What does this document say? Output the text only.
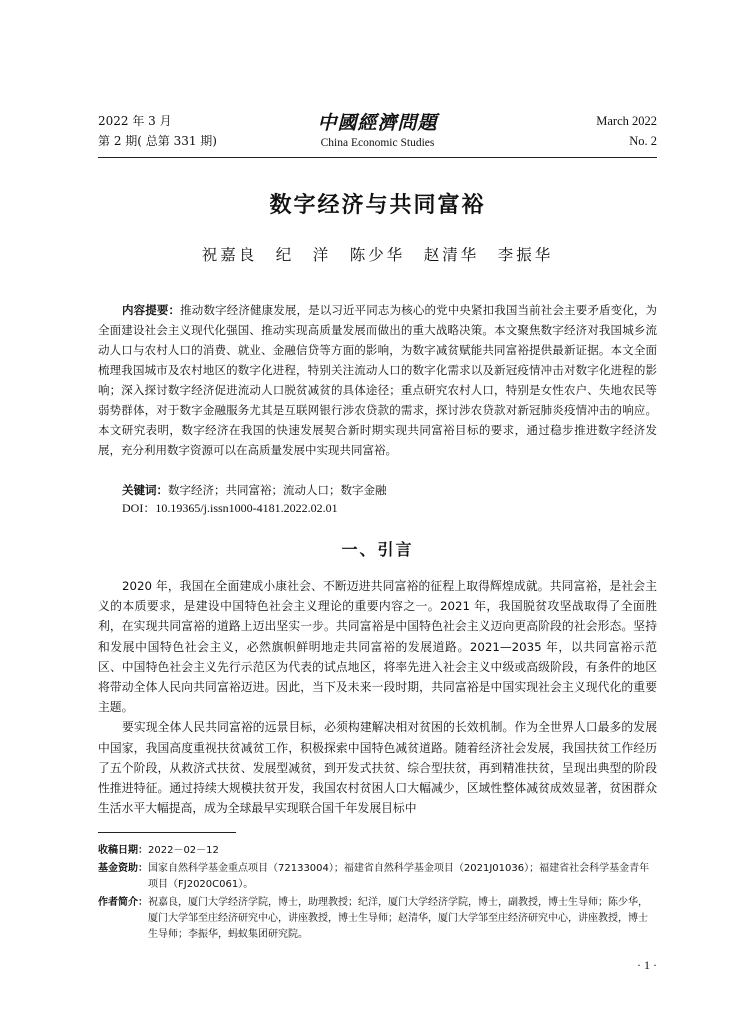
2022 年 3 月
第 2 期( 总第 331 期)
中國經濟問題
China Economic Studies
March 2022
No. 2
数字经济与共同富裕
祝嘉良　纪　洋　陈少华　赵清华　李振华

内容提要：推动数字经济健康发展，是以习近平同志为核心的党中央紧扣我国当前社会主要矛盾变化，为全面建设社会主义现代化强国、推动实现高质量发展而做出的重大战略决策。本文聚焦数字经济对我国城乡流动人口与农村人口的消费、就业、金融信贷等方面的影响，为数字减贫赋能共同富裕提供最新证据。本文全面梳理我国城市及农村地区的数字化进程，特别关注流动人口的数字化需求以及新冠疫情冲击对数字化进程的影响；深入探讨数字经济促进流动人口脱贫减贫的具体途径；重点研究农村人口，特别是女性农户、失地农民等弱势群体，对于数字金融服务尤其是互联网银行涉农贷款的需求，探讨涉农贷款对新冠肺炎疫情冲击的响应。本文研究表明，数字经济在我国的快速发展契合新时期实现共同富裕目标的要求，通过稳步推进数字经济发展，充分利用数字资源可以在高质量发展中实现共同富裕。

关键词：数字经济；共同富裕；流动人口；数字金融
DOI：10.19365/j.issn1000-4181.2022.02.01
一、引言

2020 年，我国在全面建成小康社会、不断迈进共同富裕的征程上取得辉煌成就。共同富裕，是社会主义的本质要求，是建设中国特色社会主义理论的重要内容之一。2021 年，我国脱贫攻坚战取得了全面胜利，在实现共同富裕的道路上迈出坚实一步。共同富裕是中国特色社会主义迈向更高阶段的社会形态。坚持和发展中国特色社会主义，必然旗帜鲜明地走共同富裕的发展道路。2021—2035 年，以共同富裕示范区、中国特色社会主义先行示范区为代表的试点地区，将率先进入社会主义中级或高级阶段，有条件的地区将带动全体人民向共同富裕迈进。因此，当下及未来一段时期，共同富裕是中国实现社会主义现代化的重要主题。

要实现全体人民共同富裕的远景目标，必须构建解决相对贫困的长效机制。作为全世界人口最多的发展中国家，我国高度重视扶贫减贫工作，积极探索中国特色减贫道路。随着经济社会发展，我国扶贫工作经历了五个阶段，从救济式扶贫、发展型减贫，到开发式扶贫、综合型扶贫，再到精准扶贫，呈现出典型的阶段性推进特征。通过持续大规模扶贫开发，我国农村贫困人口大幅减少，区域性整体减贫成效显著，贫困群众生活水平大幅提高，成为全球最早实现联合国千年发展目标中

收稿日期：2022－02－12
基金资助： 国家自然科学基金重点项目（72133004）；福建省自然科学基金项目（2021J01036）；福建省社会科学基金青年项目（FJ2020C061）。
作者简介： 祝嘉良，厦门大学经济学院，博士，助理教授；纪洋，厦门大学经济学院，博士，副教授，博士生导师；陈少华，厦门大学邹至庄经济研究中心，讲座教授，博士生导师；赵清华，厦门大学邹至庄经济研究中心，讲座教授，博士生导师；李振华，蚂蚁集团研究院。
· 1 ·
